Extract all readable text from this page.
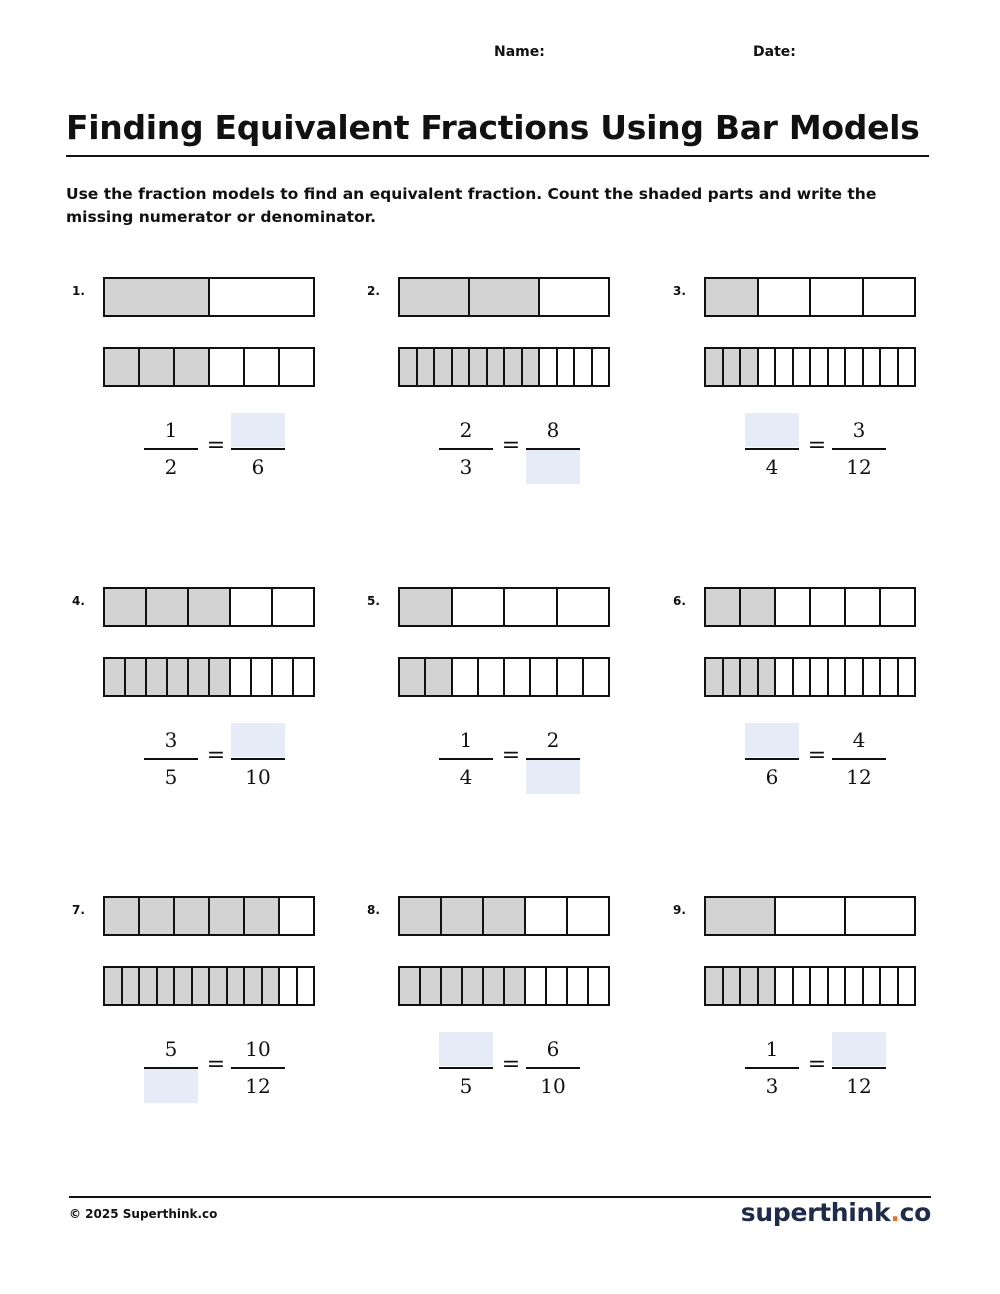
Name:	Date:
Finding Equivalent Fractions Using Bar Models

Use the fraction models to find an equivalent fraction. Count the shaded parts and write the missing numerator or denominator.

1.
1
2
=
6
2.
2
3
=
8
3.
4
=
3
12
4.
3
5
=
10
5.
1
4
=
2
6.
6
=
4
12
7.
5
=
10
12
8.
5
=
6
10
9.
1
3
=
12
© 2025 Superthink.co	superthink.co
